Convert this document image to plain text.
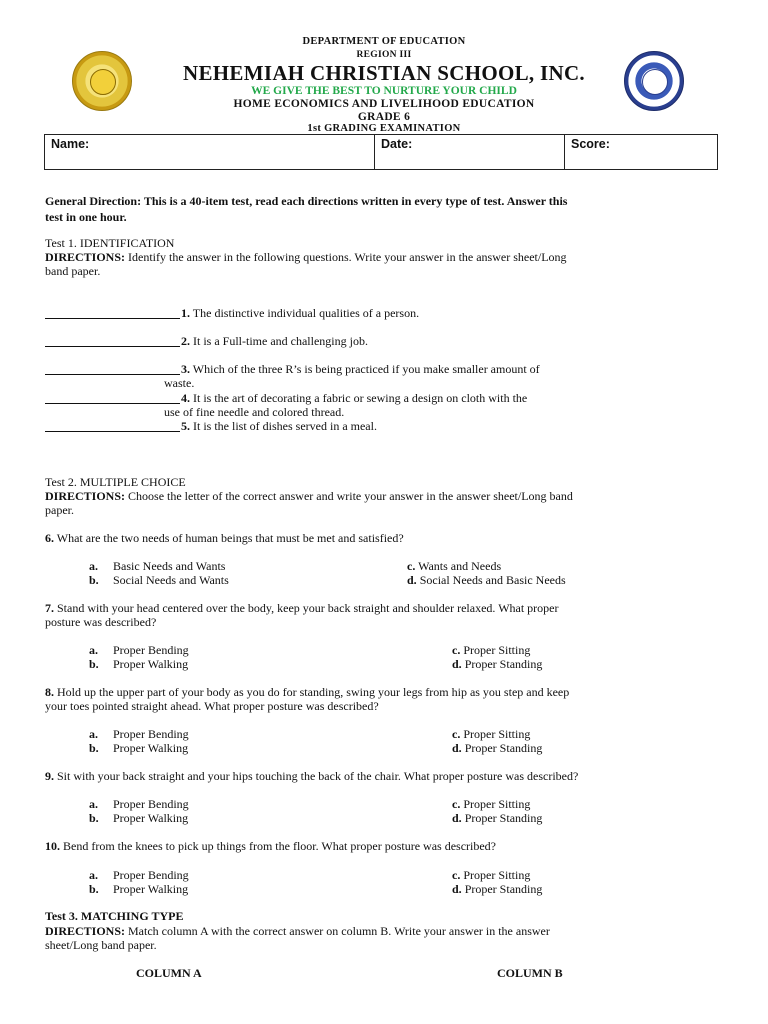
DEPARTMENT OF EDUCATION
REGION III
NEHEMIAH CHRISTIAN SCHOOL, INC.
WE GIVE THE BEST TO NURTURE YOUR CHILD
HOME ECONOMICS AND LIVELIHOOD EDUCATION
GRADE 6
1st GRADING EXAMINATION
Name:	Date:	Score:
General Direction: This is a 40-item test, read each directions written in every type of test. Answer this
test in one hour.
Test 1. IDENTIFICATION
DIRECTIONS: Identify the answer in the following questions. Write your answer in the answer sheet/Long
band paper.
1. The distinctive individual qualities of a person.
2. It is a Full-time and challenging job.
3. Which of the three R’s is being practiced if you make smaller amount of
waste.
4. It is the art of decorating a fabric or sewing a design on cloth with the
use of fine needle and colored thread.
5. It is the list of dishes served in a meal.
Test 2. MULTIPLE CHOICE
DIRECTIONS: Choose the letter of the correct answer and write your answer in the answer sheet/Long band
paper.
6. What are the two needs of human beings that must be met and satisfied?
a. Basic Needs and Wants
b. Social Needs and Wants
c. Wants and Needs
d. Social Needs and Basic Needs
7. Stand with your head centered over the body, keep your back straight and shoulder relaxed. What proper
posture was described?
a. Proper Bending
b. Proper Walking
c. Proper Sitting
d. Proper Standing
8. Hold up the upper part of your body as you do for standing, swing your legs from hip as you step and keep
your toes pointed straight ahead. What proper posture was described?
a. Proper Bending
b. Proper Walking
c. Proper Sitting
d. Proper Standing
9. Sit with your back straight and your hips touching the back of the chair. What proper posture was described?
a. Proper Bending
b. Proper Walking
c. Proper Sitting
d. Proper Standing
10. Bend from the knees to pick up things from the floor. What proper posture was described?
a. Proper Bending
b. Proper Walking
c. Proper Sitting
d. Proper Standing
Test 3. MATCHING TYPE
DIRECTIONS: Match column A with the correct answer on column B. Write your answer in the answer
sheet/Long band paper.
COLUMN A	COLUMN B
